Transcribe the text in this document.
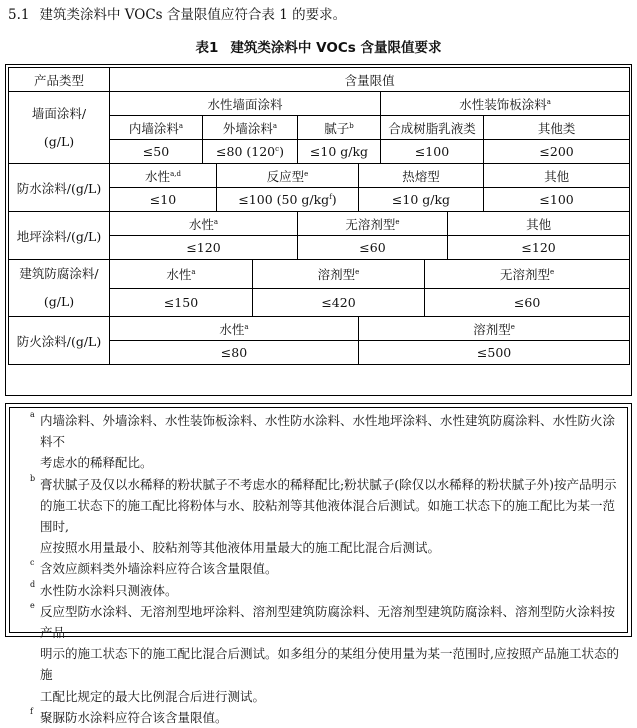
5.1 建筑类涂料中 VOCs 含量限值应符合表 1 的要求。
表1 建筑类涂料中 VOCs 含量限值要求
产品类型	含量限值									
墙面涂料/
(g/L)	水性墙面涂料						水性装饰板涂料$^a$
	内墙涂料$^a$	外墙涂料$^a$			腻子$^b$		合成树脂乳液类			其他类
	≤50	≤80 (120$^c$)			≤10 g/kg		≤100			≤200
防水涂料/(g/L)	水性$^{a,d}$		反应型$^e$			热熔型				其他
	≤10		≤100 (50 $g/kg^f$)			≤10 g/kg				≤100
地坪涂料/(g/L)	水性$^a$				无溶剂型$^e$				其他	
	≤120				≤60				≤120	
建筑防腐涂料/
(g/L)	水性$^a$			溶剂型$^e$				无溶剂型$^e$
	≤150			≤420				≤60		
防火涂料/(g/L)	水性$^a$					溶剂型$^e$
	≤80					≤500				
a 内墙涂料、外墙涂料、水性装饰板涂料、水性防水涂料、水性地坪涂料、水性建筑防腐涂料、水性防火涂料不
考虑水的稀释配比。
b 膏状腻子及仅以水稀释的粉状腻子不考虑水的稀释配比;粉状腻子(除仅以水稀释的粉状腻子外)按产品明示
的施工状态下的施工配比将粉体与水、胶粘剂等其他液体混合后测试。如施工状态下的施工配比为某一范围时,
应按照水用量最小、胶粘剂等其他液体用量最大的施工配比混合后测试。
c 含效应颜料类外墙涂料应符合该含量限值。
d 水性防水涂料只测液体。
e 反应型防水涂料、无溶剂型地坪涂料、溶剂型建筑防腐涂料、无溶剂型建筑防腐涂料、溶剂型防火涂料按产品
明示的施工状态下的施工配比混合后测试。如多组分的某组分使用量为某一范围时,应按照产品施工状态的施
工配比规定的最大比例混合后进行测试。
f 聚脲防水涂料应符合该含量限值。
